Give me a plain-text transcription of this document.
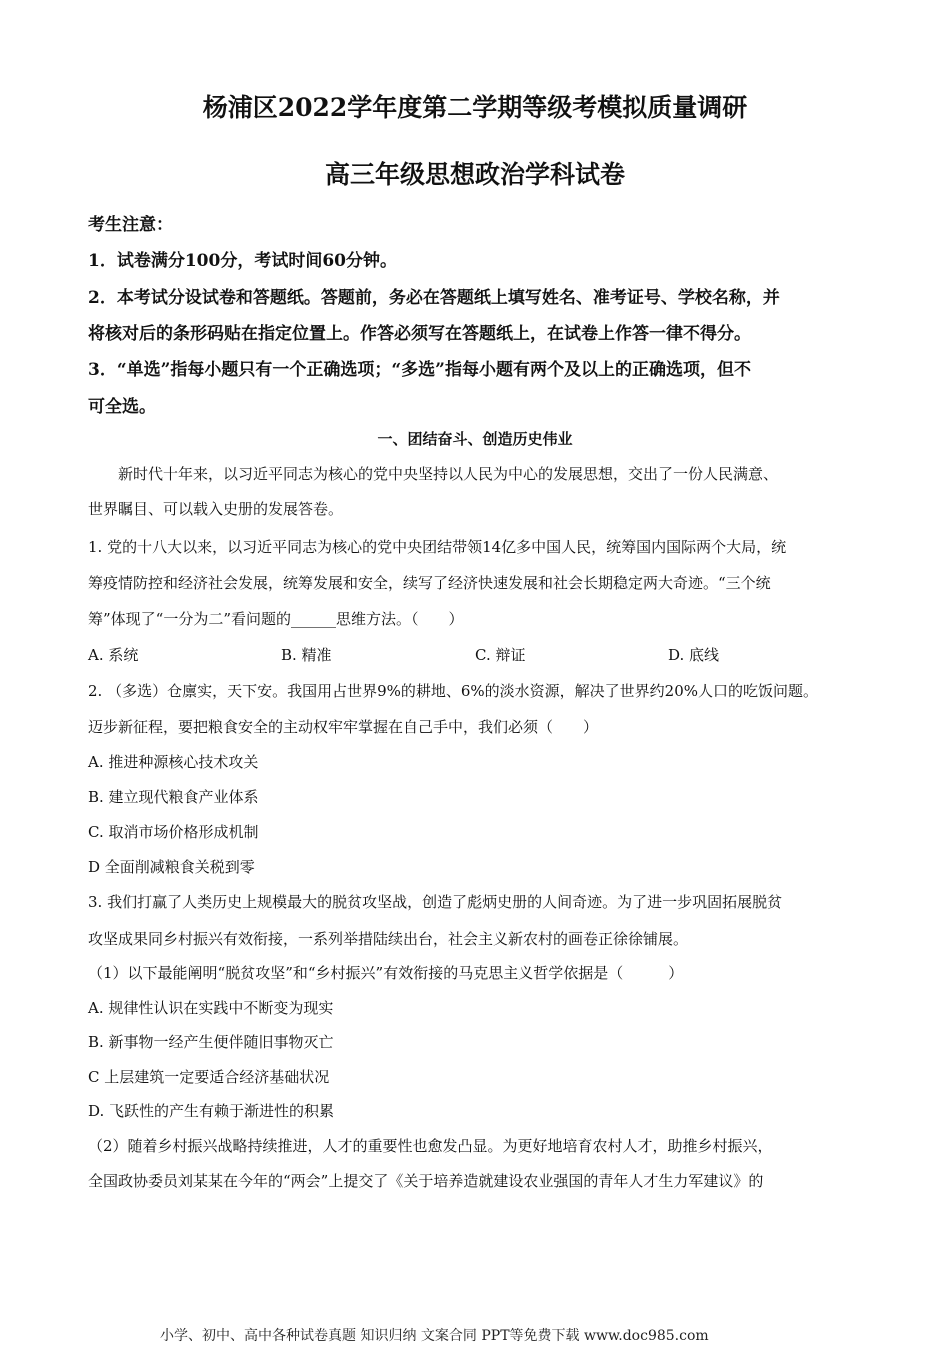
杨浦区2022学年度第二学期等级考模拟质量调研
高三年级思想政治学科试卷
考生注意：
1．试卷满分100分，考试时间60分钟。
2．本考试分设试卷和答题纸。答题前，务必在答题纸上填写姓名、准考证号、学校名称，并
将核对后的条形码贴在指定位置上。作答必须写在答题纸上，在试卷上作答一律不得分。
3．“单选”指每小题只有一个正确选项；“多选”指每小题有两个及以上的正确选项，但不
可全选。
一、团结奋斗、创造历史伟业
　　新时代十年来，以习近平同志为核心的党中央坚持以人民为中心的发展思想，交出了一份人民满意、
世界瞩目、可以载入史册的发展答卷。
1. 党的十八大以来，以习近平同志为核心的党中央团结带领14亿多中国人民，统筹国内国际两个大局，统
筹疫情防控和经济社会发展，统筹发展和安全，续写了经济快速发展和社会长期稳定两大奇迹。“三个统
筹”体现了“一分为二”看问题的______思维方法。（　　）
A. 系统	B. 精准	C. 辩证	D. 底线
2. （多选）仓廪实，天下安。我国用占世界9%的耕地、6%的淡水资源，解决了世界约20%人口的吃饭问题。
迈步新征程，要把粮食安全的主动权牢牢掌握在自己手中，我们必须（　　）
A. 推进种源核心技术攻关
B. 建立现代粮食产业体系
C. 取消市场价格形成机制
D 全面削减粮食关税到零
3. 我们打赢了人类历史上规模最大的脱贫攻坚战，创造了彪炳史册的人间奇迹。为了进一步巩固拓展脱贫
攻坚成果同乡村振兴有效衔接，一系列举措陆续出台，社会主义新农村的画卷正徐徐铺展。
（1）以下最能阐明“脱贫攻坚”和“乡村振兴”有效衔接的马克思主义哲学依据是（　　　）
A. 规律性认识在实践中不断变为现实
B. 新事物一经产生便伴随旧事物灭亡
C 上层建筑一定要适合经济基础状况
D. 飞跃性的产生有赖于渐进性的积累
（2）随着乡村振兴战略持续推进，人才的重要性也愈发凸显。为更好地培育农村人才，助推乡村振兴，
全国政协委员刘某某在今年的“两会”上提交了《关于培养造就建设农业强国的青年人才生力军建议》的
小学、初中、高中各种试卷真题 知识归纳 文案合同 PPT等免费下载 www.doc985.com
